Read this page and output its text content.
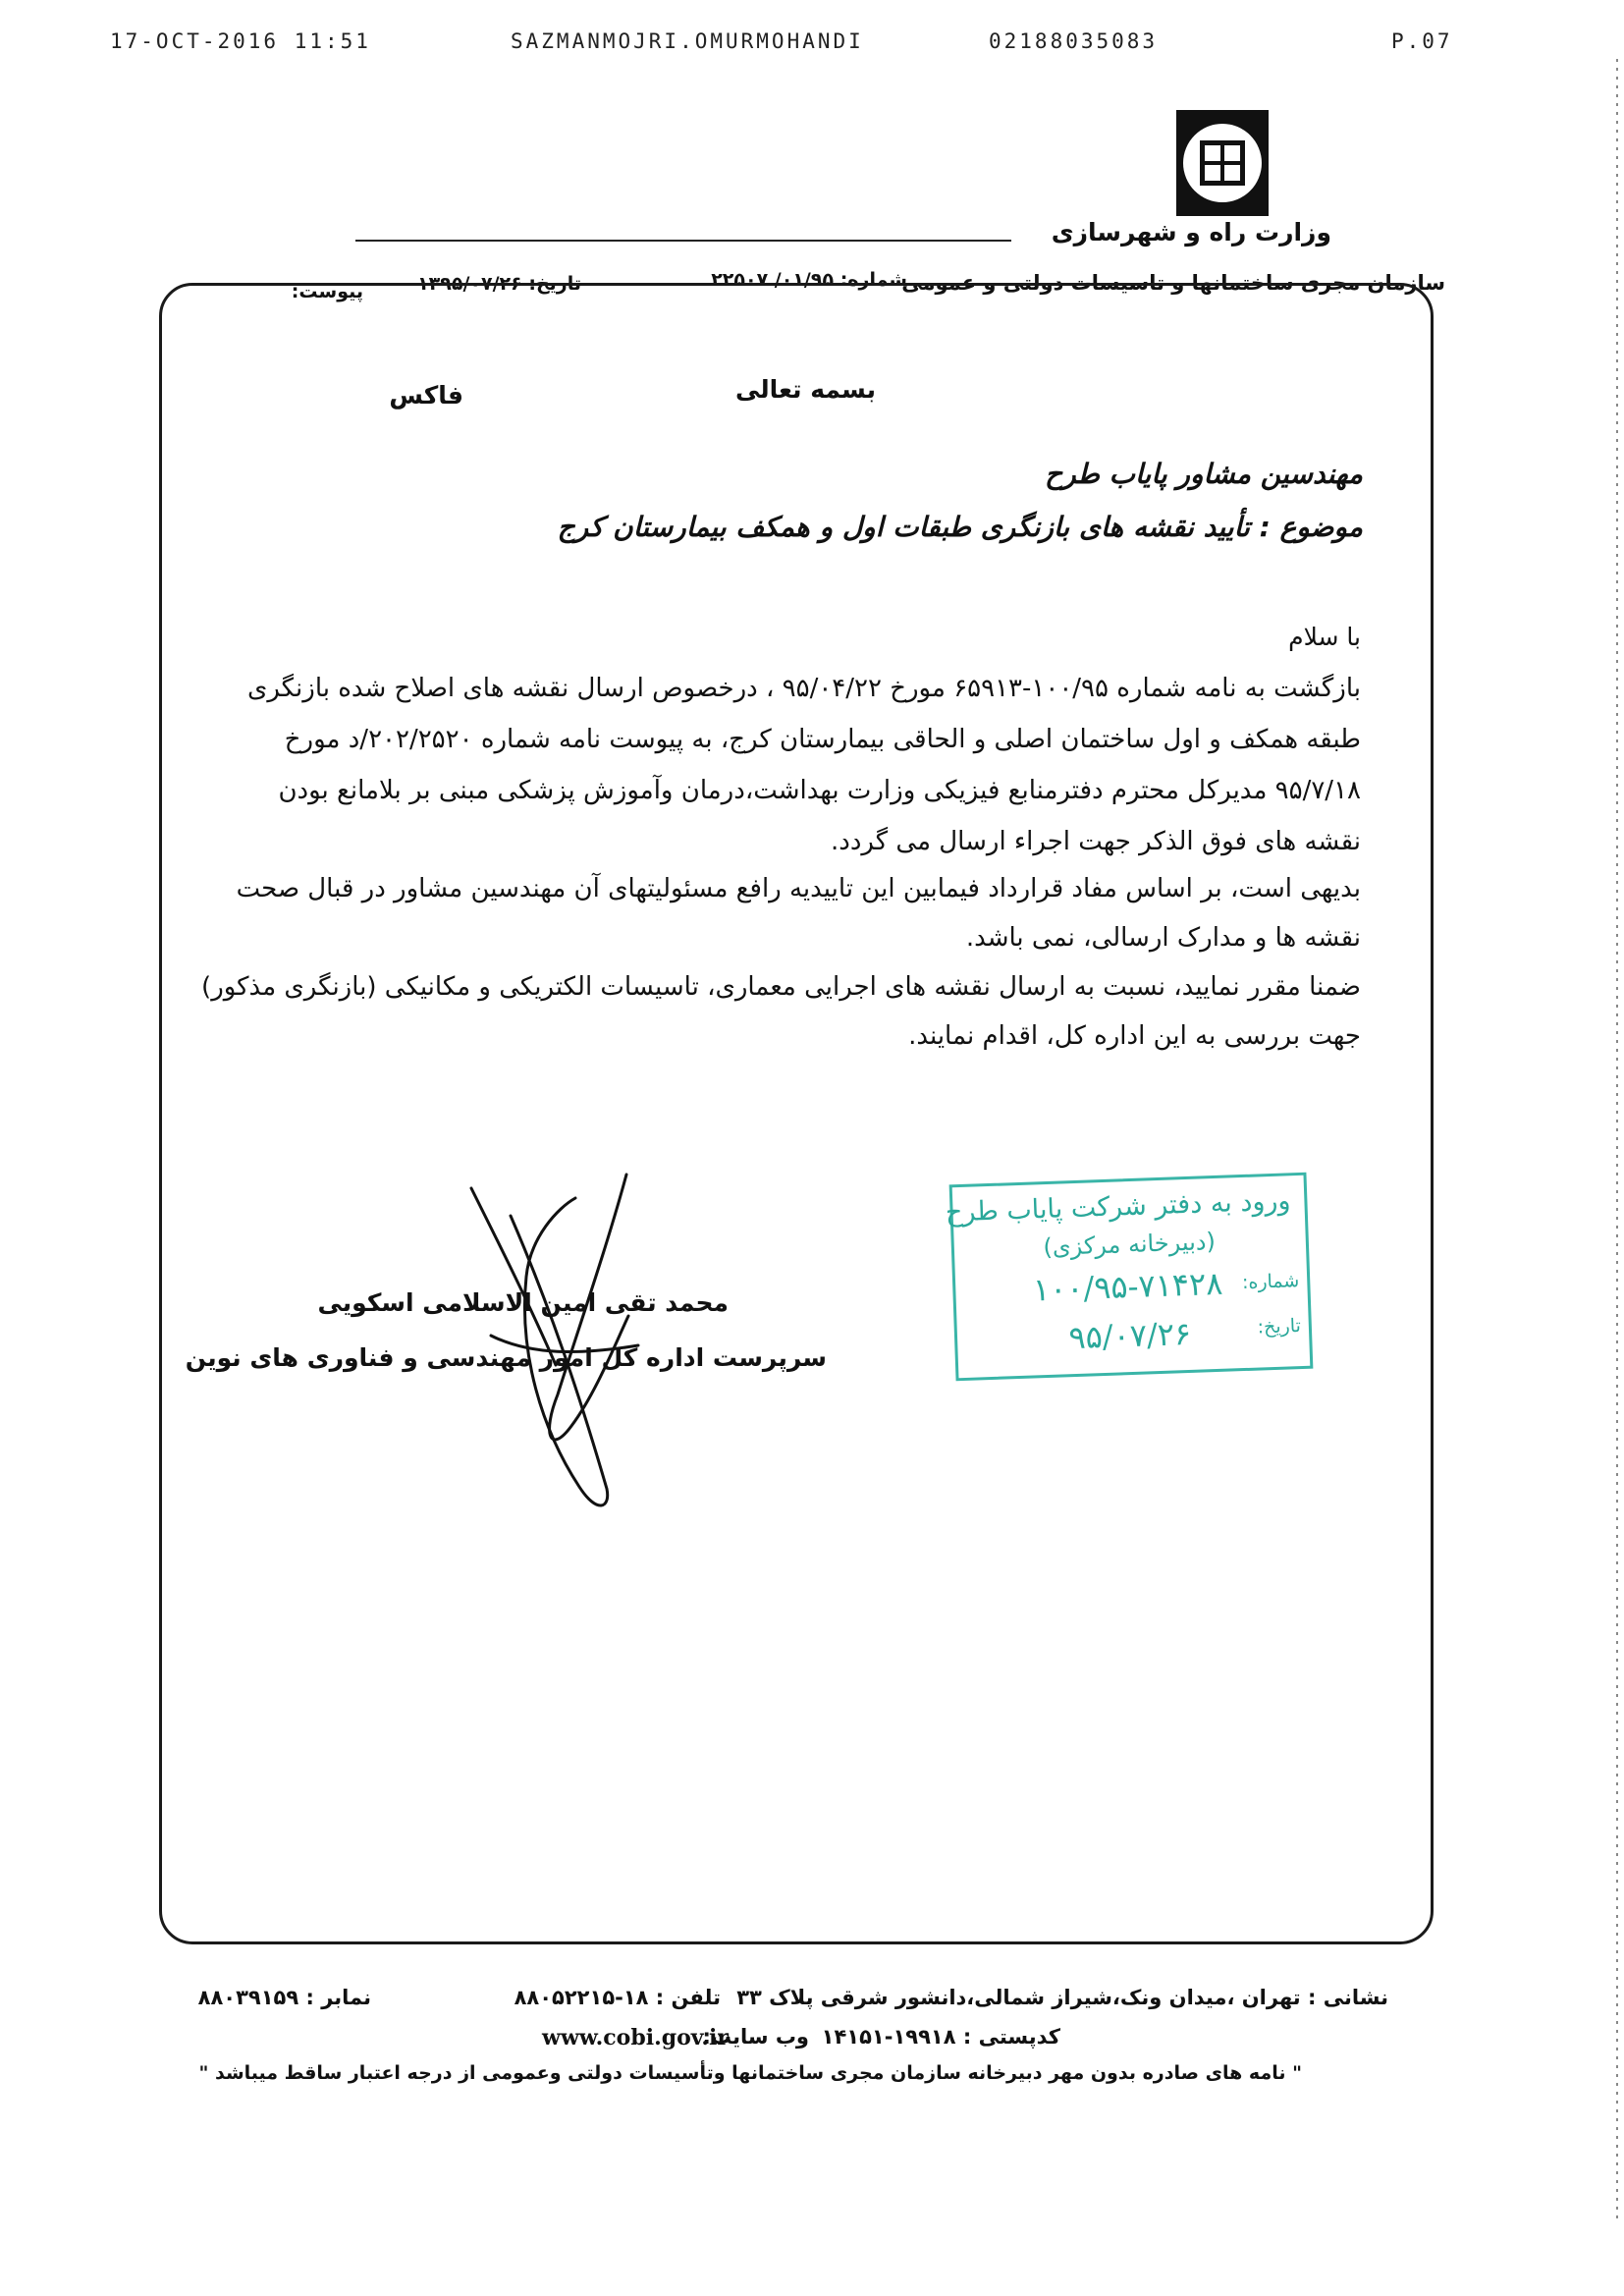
17-OCT-2016 11:51	SAZMANMOJRI.OMURMOHANDI	02188035083	P.07
وزارت راه و شهرسازی
سازمان مجری ساختمانها و تاسیسات دولتی و عمومی
شماره: ۰۱/۹۵/ ۲۲۵۰۷
تاریخ: ۱۳۹۵/۰۷/۲۶
پیوست:
بسمه تعالی
فاکس
مهندسین مشاور پایاب طرح
موضوع : تأیید نقشه های بازنگری طبقات اول و همکف بیمارستان کرج
با سلام
بازگشت به نامه شماره ۱۰۰/۹۵-۶۵۹۱۳ مورخ ۹۵/۰۴/۲۲ ، درخصوص ارسال نقشه های اصلاح شده بازنگری
طبقه همکف و اول ساختمان اصلی و الحاقی بیمارستان کرج، به پیوست نامه شماره ۲۰۲/۲۵۲۰/د مورخ
۹۵/۷/۱۸ مدیرکل محترم دفترمنابع فیزیکی وزارت بهداشت،درمان وآموزش پزشکی مبنی بر بلامانع بودن
نقشه های فوق الذکر جهت اجراء ارسال می گردد.
بدیهی است، بر اساس مفاد قرارداد فیمابین این تاییدیه رافع مسئولیتهای آن مهندسین مشاور در قبال صحت
نقشه ها و مدارک ارسالی، نمی باشد.
ضمنا مقرر نمایید، نسبت به ارسال نقشه های اجرایی معماری، تاسیسات الکتریکی و مکانیکی (بازنگری مذکور)
جهت بررسی به این اداره کل، اقدام نمایند.
ورود به دفتر شرکت پایاب طرح
(دبیرخانه مرکزی)
شماره:
۱۰۰/۹۵-۷۱۴۲۸
تاریخ:
۹۵/۰۷/۲۶
محمد تقی امین الاسلامی اسکویی
سرپرست اداره کل امور مهندسی و فناوری های نوین
نشانی : تهران ،میدان ونک،شیراز شمالی،دانشور شرقی پلاک ۳۳
تلفن : ۱۸-۸۸۰۵۲۲۱۵
نمابر : ۸۸۰۳۹۱۵۹
کدپستی : ۱۹۹۱۸-۱۴۱۵۱
وب سایت:
www.cobi.gov.ir
" نامه های صادره بدون مهر دبیرخانه سازمان مجری ساختمانها وتأسیسات دولتی وعمومی از درجه اعتبار ساقط میباشد "
